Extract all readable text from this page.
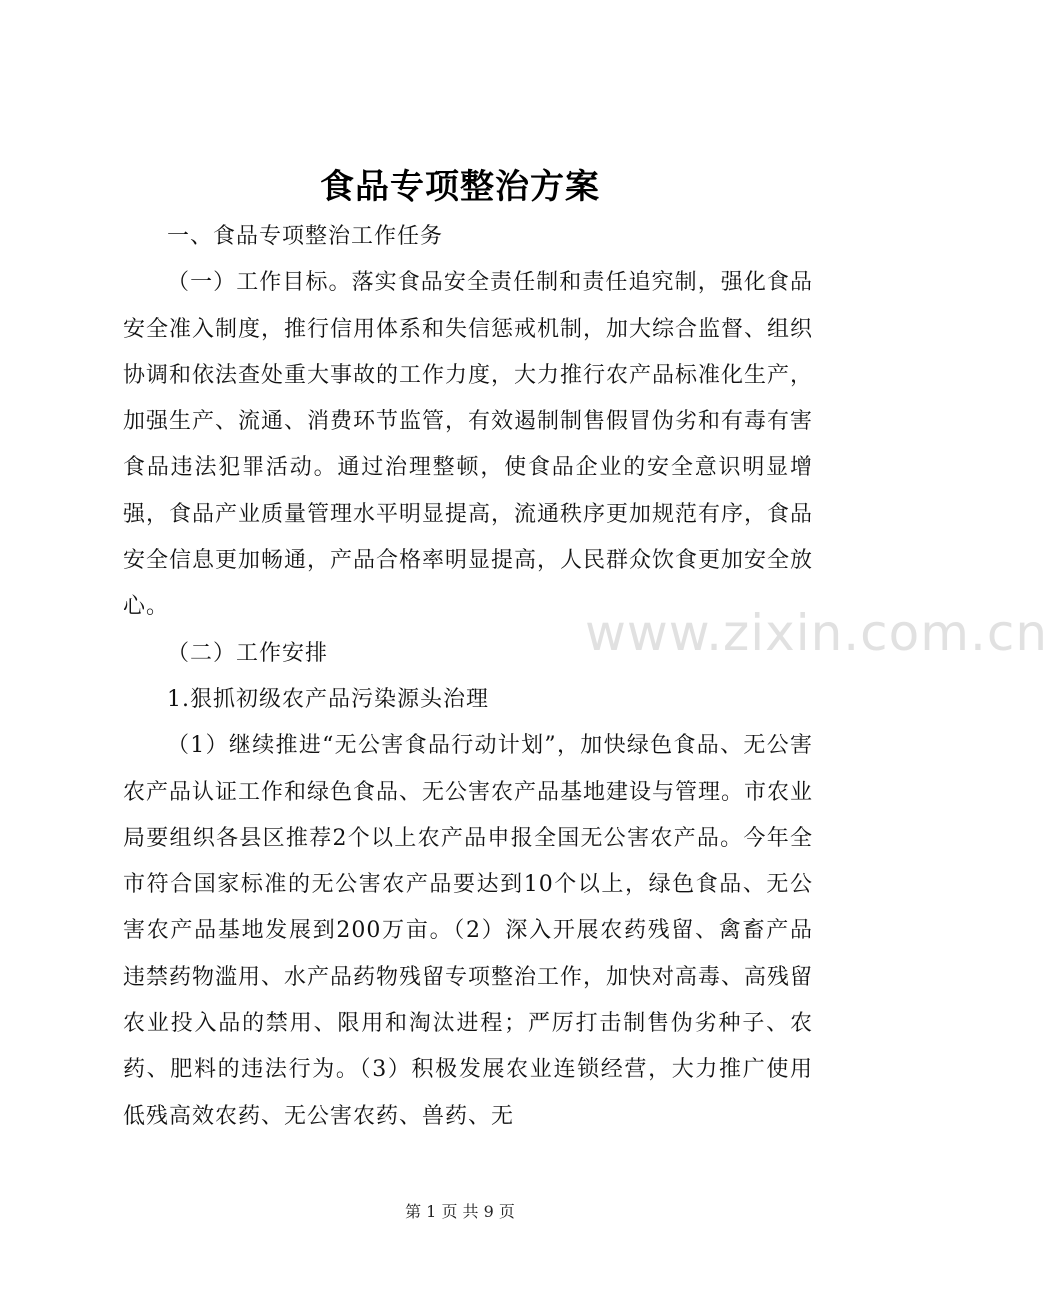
食品专项整治方案

一、食品专项整治工作任务

（一）工作目标。落实食品安全责任制和责任追究制，强化食品安全准入制度，推行信用体系和失信惩戒机制，加大综合监督、组织协调和依法查处重大事故的工作力度，大力推行农产品标准化生产，加强生产、流通、消费环节监管，有效遏制制售假冒伪劣和有毒有害食品违法犯罪活动。通过治理整顿，使食品企业的安全意识明显增强，食品产业质量管理水平明显提高，流通秩序更加规范有序，食品安全信息更加畅通，产品合格率明显提高，人民群众饮食更加安全放心。

（二）工作安排

1.狠抓初级农产品污染源头治理

（1）继续推进“无公害食品行动计划”，加快绿色食品、无公害农产品认证工作和绿色食品、无公害农产品基地建设与管理。市农业局要组织各县区推荐2个以上农产品申报全国无公害农产品。今年全市符合国家标准的无公害农产品要达到10个以上，绿色食品、无公害农产品基地发展到200万亩。（2）深入开展农药残留、禽畜产品违禁药物滥用、水产品药物残留专项整治工作，加快对高毒、高残留农业投入品的禁用、限用和淘汰进程；严厉打击制售伪劣种子、农药、肥料的违法行为。（3）积极发展农业连锁经营，大力推广使用低残高效农药、无公害农药、兽药、无

www.zixin.com.cn
第 1 页 共 9 页
